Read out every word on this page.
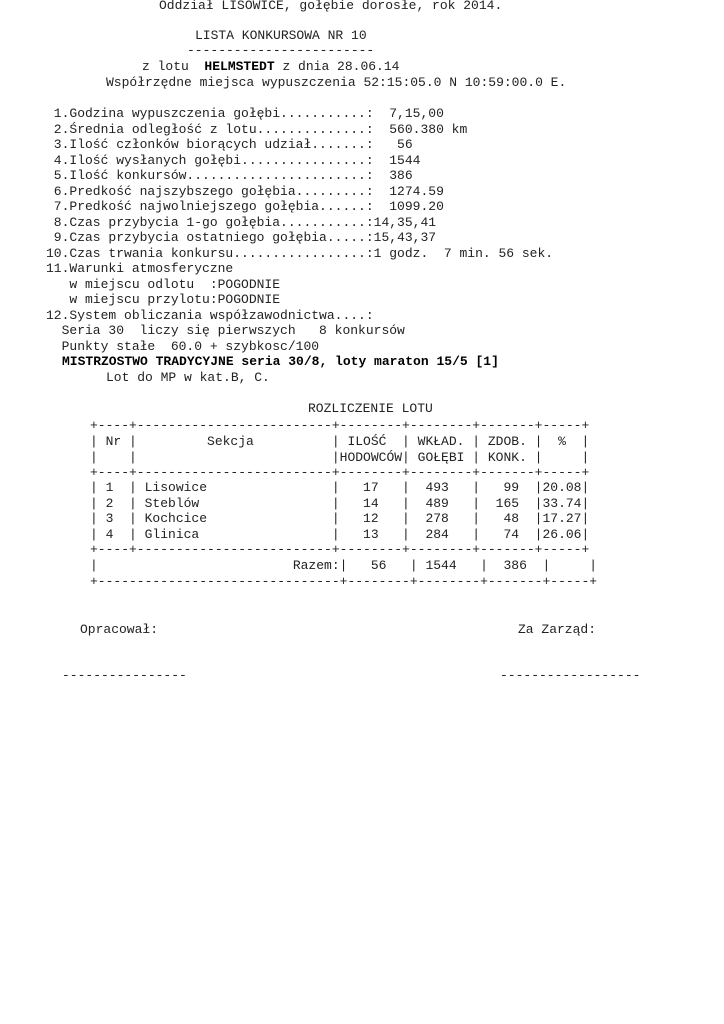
Oddział LISOWICE, gołębie dorosłe, rok 2014.
LISTA KONKURSOWA NR 10
------------------------
z lotu  HELMSTEDT z dnia 28.06.14
Współrzędne miejsca wypuszczenia 52:15:05.0 N 10:59:00.0 E.
1.Godzina wypuszczenia gołębi...........:  7,15,00
2.Średnia odległość z lotu..............:  560.380 km
3.Ilość członków biorących udział.......:   56
4.Ilość wysłanych gołębi................:  1544
5.Ilość konkursów.......................:  386
6.Predkość najszybszego gołębia.........:  1274.59
7.Predkość najwolniejszego gołębia......:  1099.20
8.Czas przybycia 1-go gołębia...........:14,35,41
9.Czas przybycia ostatniego gołębia.....:15,43,37
10.Czas trwania konkursu.................:1 godz.  7 min. 56 sek.
11.Warunki atmosferyczne
w miejscu odlotu  :POGODNIE
w miejscu przylotu:POGODNIE
12.System obliczania współzawodnictwa....:
Seria 30  liczy się pierwszych   8 konkursów
Punkty stałe  60.0 + szybkosc/100
MISTRZOSTWO TRADYCYJNE seria 30/8, loty maraton 15/5 [1]
Lot do MP w kat.B, C.
ROZLICZENIE LOTU
+----+-------------------------+--------+--------+-------+-----+
| Nr |         Sekcja          | ILOŚĆ  | WKŁAD. | ZDOB. |  %  |
|    |                         |HODOWCÓW| GOŁĘBI | KONK. |     |
+----+-------------------------+--------+--------+-------+-----+
| 1  | Lisowice                |   17   |  493   |   99  |20.08|
| 2  | Steblów                 |   14   |  489   |  165  |33.74|
| 3  | Kochcice                |   12   |  278   |   48  |17.27|
| 4  | Glinica                 |   13   |  284   |   74  |26.06|
+----+-------------------------+--------+--------+-------+-----+
|                         Razem:|   56   | 1544   |  386  |     |
+-------------------------------+--------+--------+-------+-----+
Opracował:	Za Zarząd:
----------------	------------------
